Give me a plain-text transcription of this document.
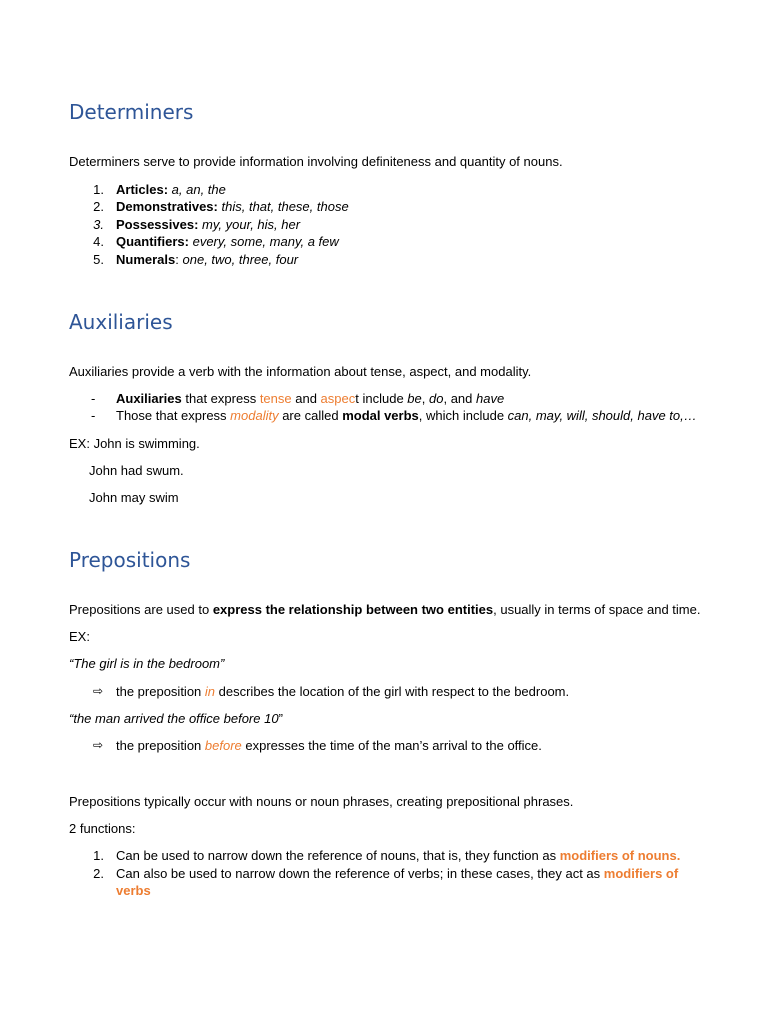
Determiners
Determiners serve to provide information involving definiteness and quantity of nouns.
1. Articles: a, an, the
2. Demonstratives: this, that, these, those
3. Possessives: my, your, his, her
4. Quantifiers: every, some, many, a few
5. Numerals: one, two, three, four
Auxiliaries
Auxiliaries provide a verb with the information about tense, aspect, and modality.
- Auxiliaries that express tense and aspect include be, do, and have
- Those that express modality are called modal verbs, which include can, may, will, should, have to,…
EX: John is swimming.
John had swum.
John may swim
Prepositions
Prepositions are used to express the relationship between two entities, usually in terms of space and time.
EX:
“The girl is in the bedroom”
⇨ the preposition in describes the location of the girl with respect to the bedroom.
“the man arrived the office before 10”
⇨ the preposition before expresses the time of the man’s arrival to the office.
Prepositions typically occur with nouns or noun phrases, creating prepositional phrases.
2 functions:
1. Can be used to narrow down the reference of nouns, that is, they function as modifiers of nouns.
2. Can also be used to narrow down the reference of verbs; in these cases, they act as modifiers of
verbs
